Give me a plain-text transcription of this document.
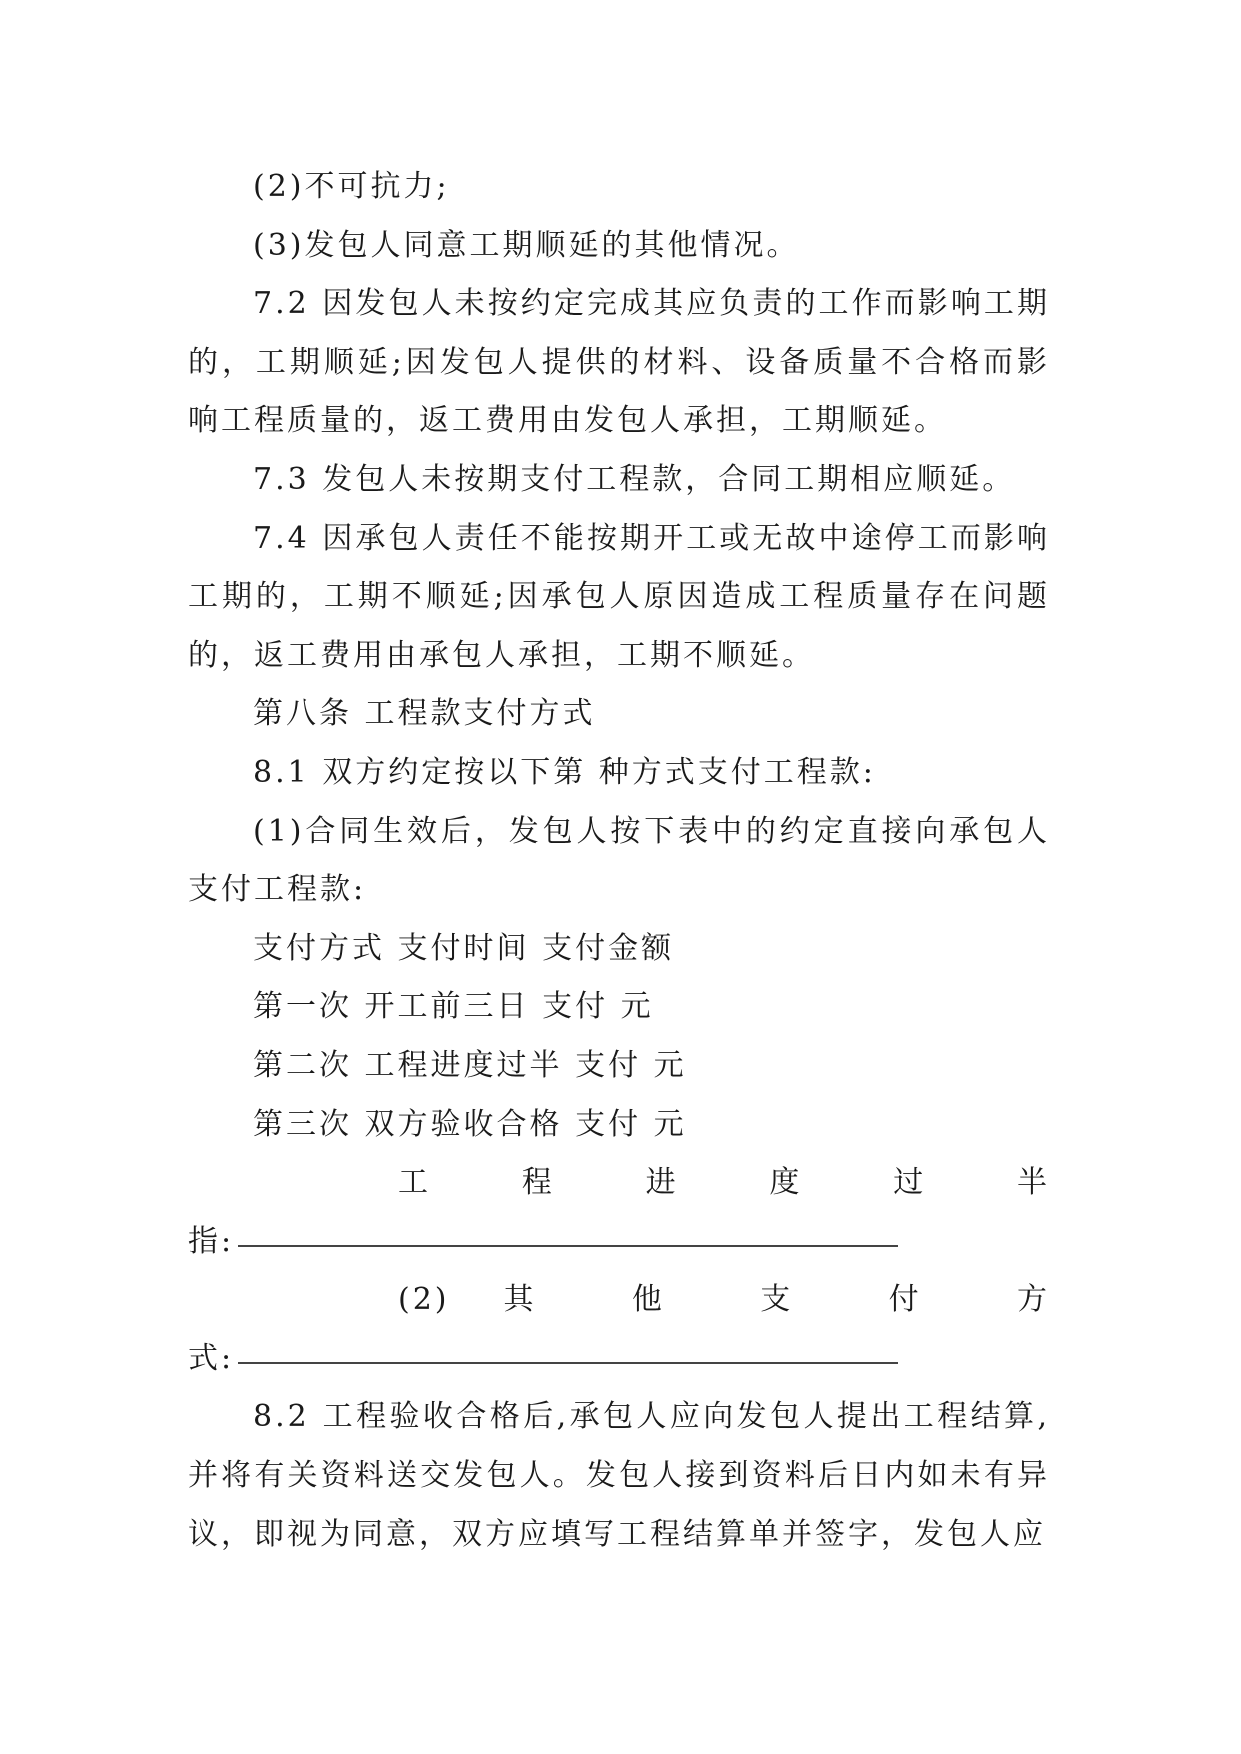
(2)不可抗力;

(3)发包人同意工期顺延的其他情况。

7.2 因发包人未按约定完成其应负责的工作而影响工期的，工期顺延;因发包人提供的材料、设备质量不合格而影响工程质量的，返工费用由发包人承担，工期顺延。

7.3 发包人未按期支付工程款，合同工期相应顺延。

7.4 因承包人责任不能按期开工或无故中途停工而影响工期的，工期不顺延;因承包人原因造成工程质量存在问题的，返工费用由承包人承担，工期不顺延。

第八条 工程款支付方式

8.1 双方约定按以下第 种方式支付工程款:

(1)合同生效后，发包人按下表中的约定直接向承包人支付工程款:

支付方式 支付时间 支付金额

第一次 开工前三日 支付 元

第二次 工程进度过半 支付 元

第三次 双方验收合格 支付 元

工 程 进 度 过 半

指:

(2) 其 他 支 付 方

式:

8.2 工程验收合格后,承包人应向发包人提出工程结算,并将有关资料送交发包人。发包人接到资料后日内如未有异议，即视为同意，双方应填写工程结算单并签字，发包人应
